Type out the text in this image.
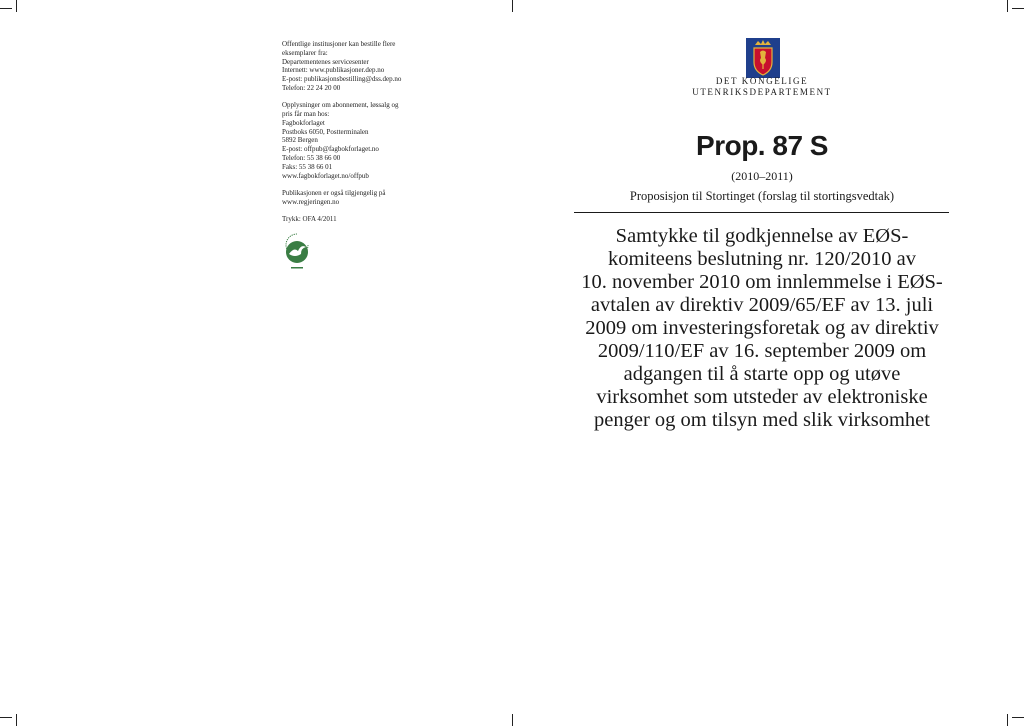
Offentlige institusjoner kan bestille flere
eksemplarer fra:
Departementenes servicesenter
Internett: www.publikasjoner.dep.no
E-post: publikasjonsbestilling@dss.dep.no
Telefon: 22 24 20 00
Opplysninger om abonnement, løssalg og
pris får man hos:
Fagbokforlaget
Postboks 6050, Postterminalen
5892 Bergen
E-post: offpub@fagbokforlaget.no
Telefon: 55 38 66 00
Faks: 55 38 66 01
www.fagbokforlaget.no/offpub
Publikasjonen er også tilgjengelig på
www.regjeringen.no
Trykk: OFA 4/2011
DET KONGELIGE
UTENRIKSDEPARTEMENT
Prop. 87 S
(2010–2011)
Proposisjon til Stortinget (forslag til stortingsvedtak)
Samtykke til godkjennelse av EØS-
komiteens beslutning nr. 120/2010 av
10. november 2010 om innlemmelse i EØS-
avtalen av direktiv 2009/65/EF av 13. juli
2009 om investeringsforetak og av direktiv
2009/110/EF av 16. september 2009 om
adgangen til å starte opp og utøve
virksomhet som utsteder av elektroniske
penger og om tilsyn med slik virksomhet
